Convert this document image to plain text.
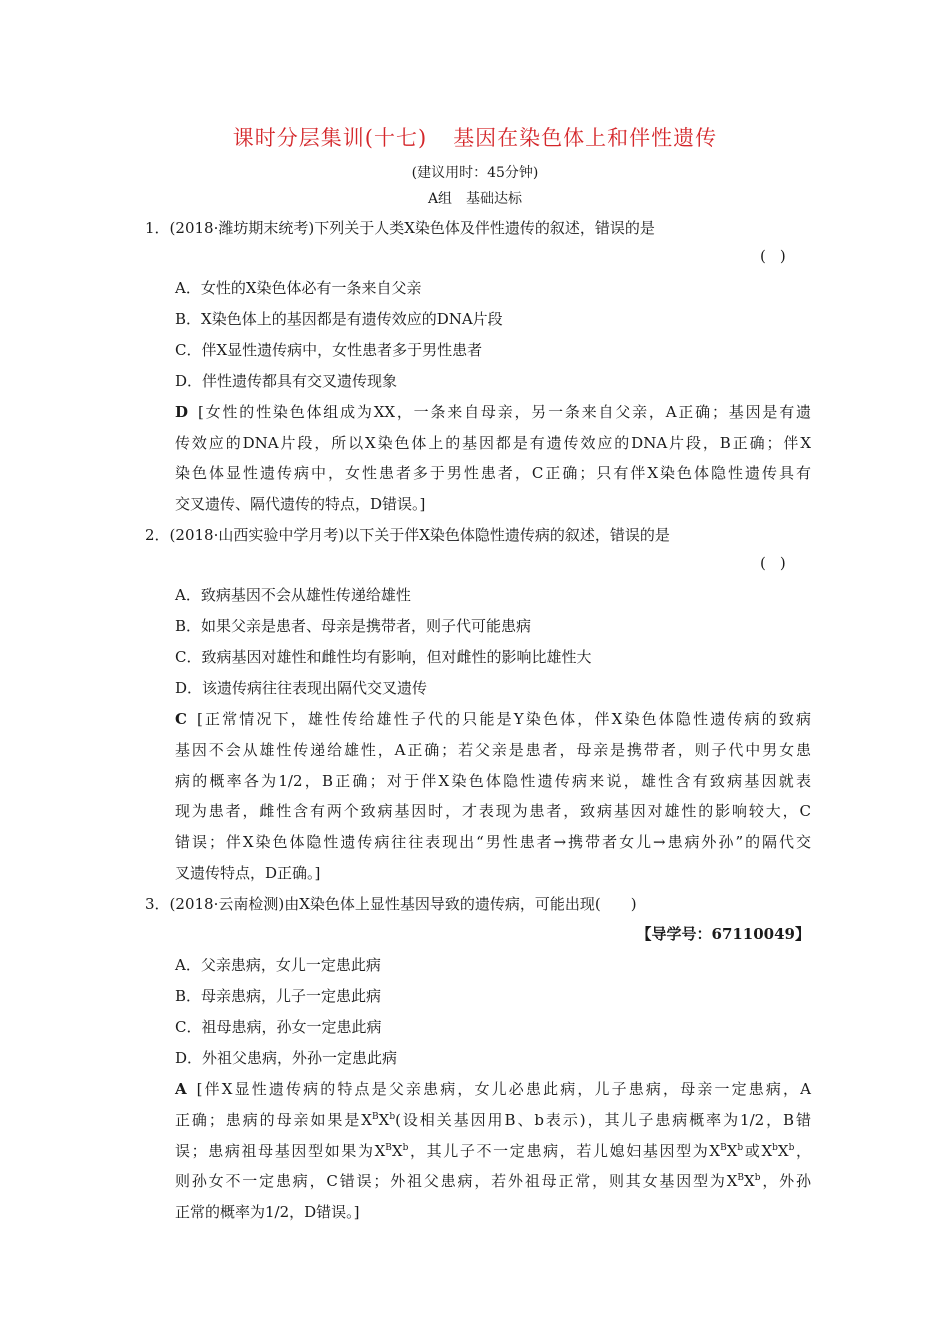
课时分层集训(十七) 基因在染色体上和伴性遗传
(建议用时：45分钟)
A组　基础达标
1．(2018·潍坊期末统考)下列关于人类X染色体及伴性遗传的叙述，错误的是
()
A．女性的X染色体必有一条来自父亲
B．X染色体上的基因都是有遗传效应的DNA片段
C．伴X显性遗传病中，女性患者多于男性患者
D．伴性遗传都具有交叉遗传现象
D [女性的性染色体组成为XX，一条来自母亲，另一条来自父亲，A正确；基因是有遗
传效应的DNA片段，所以X染色体上的基因都是有遗传效应的DNA片段，B正确；伴X
染色体显性遗传病中，女性患者多于男性患者，C正确；只有伴X染色体隐性遗传具有
交叉遗传、隔代遗传的特点，D错误。]
2．(2018·山西实验中学月考)以下关于伴X染色体隐性遗传病的叙述，错误的是
()
A．致病基因不会从雄性传递给雄性
B．如果父亲是患者、母亲是携带者，则子代可能患病
C．致病基因对雄性和雌性均有影响，但对雌性的影响比雄性大
D．该遗传病往往表现出隔代交叉遗传
C [正常情况下，雄性传给雄性子代的只能是Y染色体，伴X染色体隐性遗传病的致病
基因不会从雄性传递给雄性，A正确；若父亲是患者，母亲是携带者，则子代中男女患
病的概率各为1/2，B正确；对于伴X染色体隐性遗传病来说，雄性含有致病基因就表
现为患者，雌性含有两个致病基因时，才表现为患者，致病基因对雄性的影响较大，C
错误；伴X染色体隐性遗传病往往表现出“男性患者→携带者女儿→患病外孙”的隔代交
叉遗传特点，D正确。]
3．(2018·云南检测)由X染色体上显性基因导致的遗传病，可能出现(　　)
【导学号：67110049】
A．父亲患病，女儿一定患此病
B．母亲患病，儿子一定患此病
C．祖母患病，孙女一定患此病
D．外祖父患病，外孙一定患此病
A [伴X显性遗传病的特点是父亲患病，女儿必患此病，儿子患病，母亲一定患病，A
正确；患病的母亲如果是$X^BX^b$(设相关基因用B、b表示)，其儿子患病概率为1/2，B错
误；患病祖母基因型如果为$X^BX^b$，其儿子不一定患病，若儿媳妇基因型为$X^BX^b$或$X^bX^b$，
则孙女不一定患病，C错误；外祖父患病，若外祖母正常，则其女基因型为$X^BX^b$，外孙
正常的概率为1/2，D错误。]
